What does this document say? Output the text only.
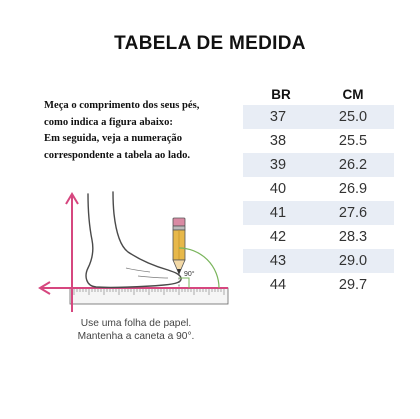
TABELA DE MEDIDA
Meça o comprimento dos seus pés,
como indica a figura abaixo:
Em seguida, veja a numeração
correspondente a tabela ao lado.
BR	CM
37	25.0
38	25.5
39	26.2
40	26.9
41	27.6
42	28.3
43	29.0
44	29.7
90°
Use uma folha de papel.
Mantenha a caneta a 90°.
